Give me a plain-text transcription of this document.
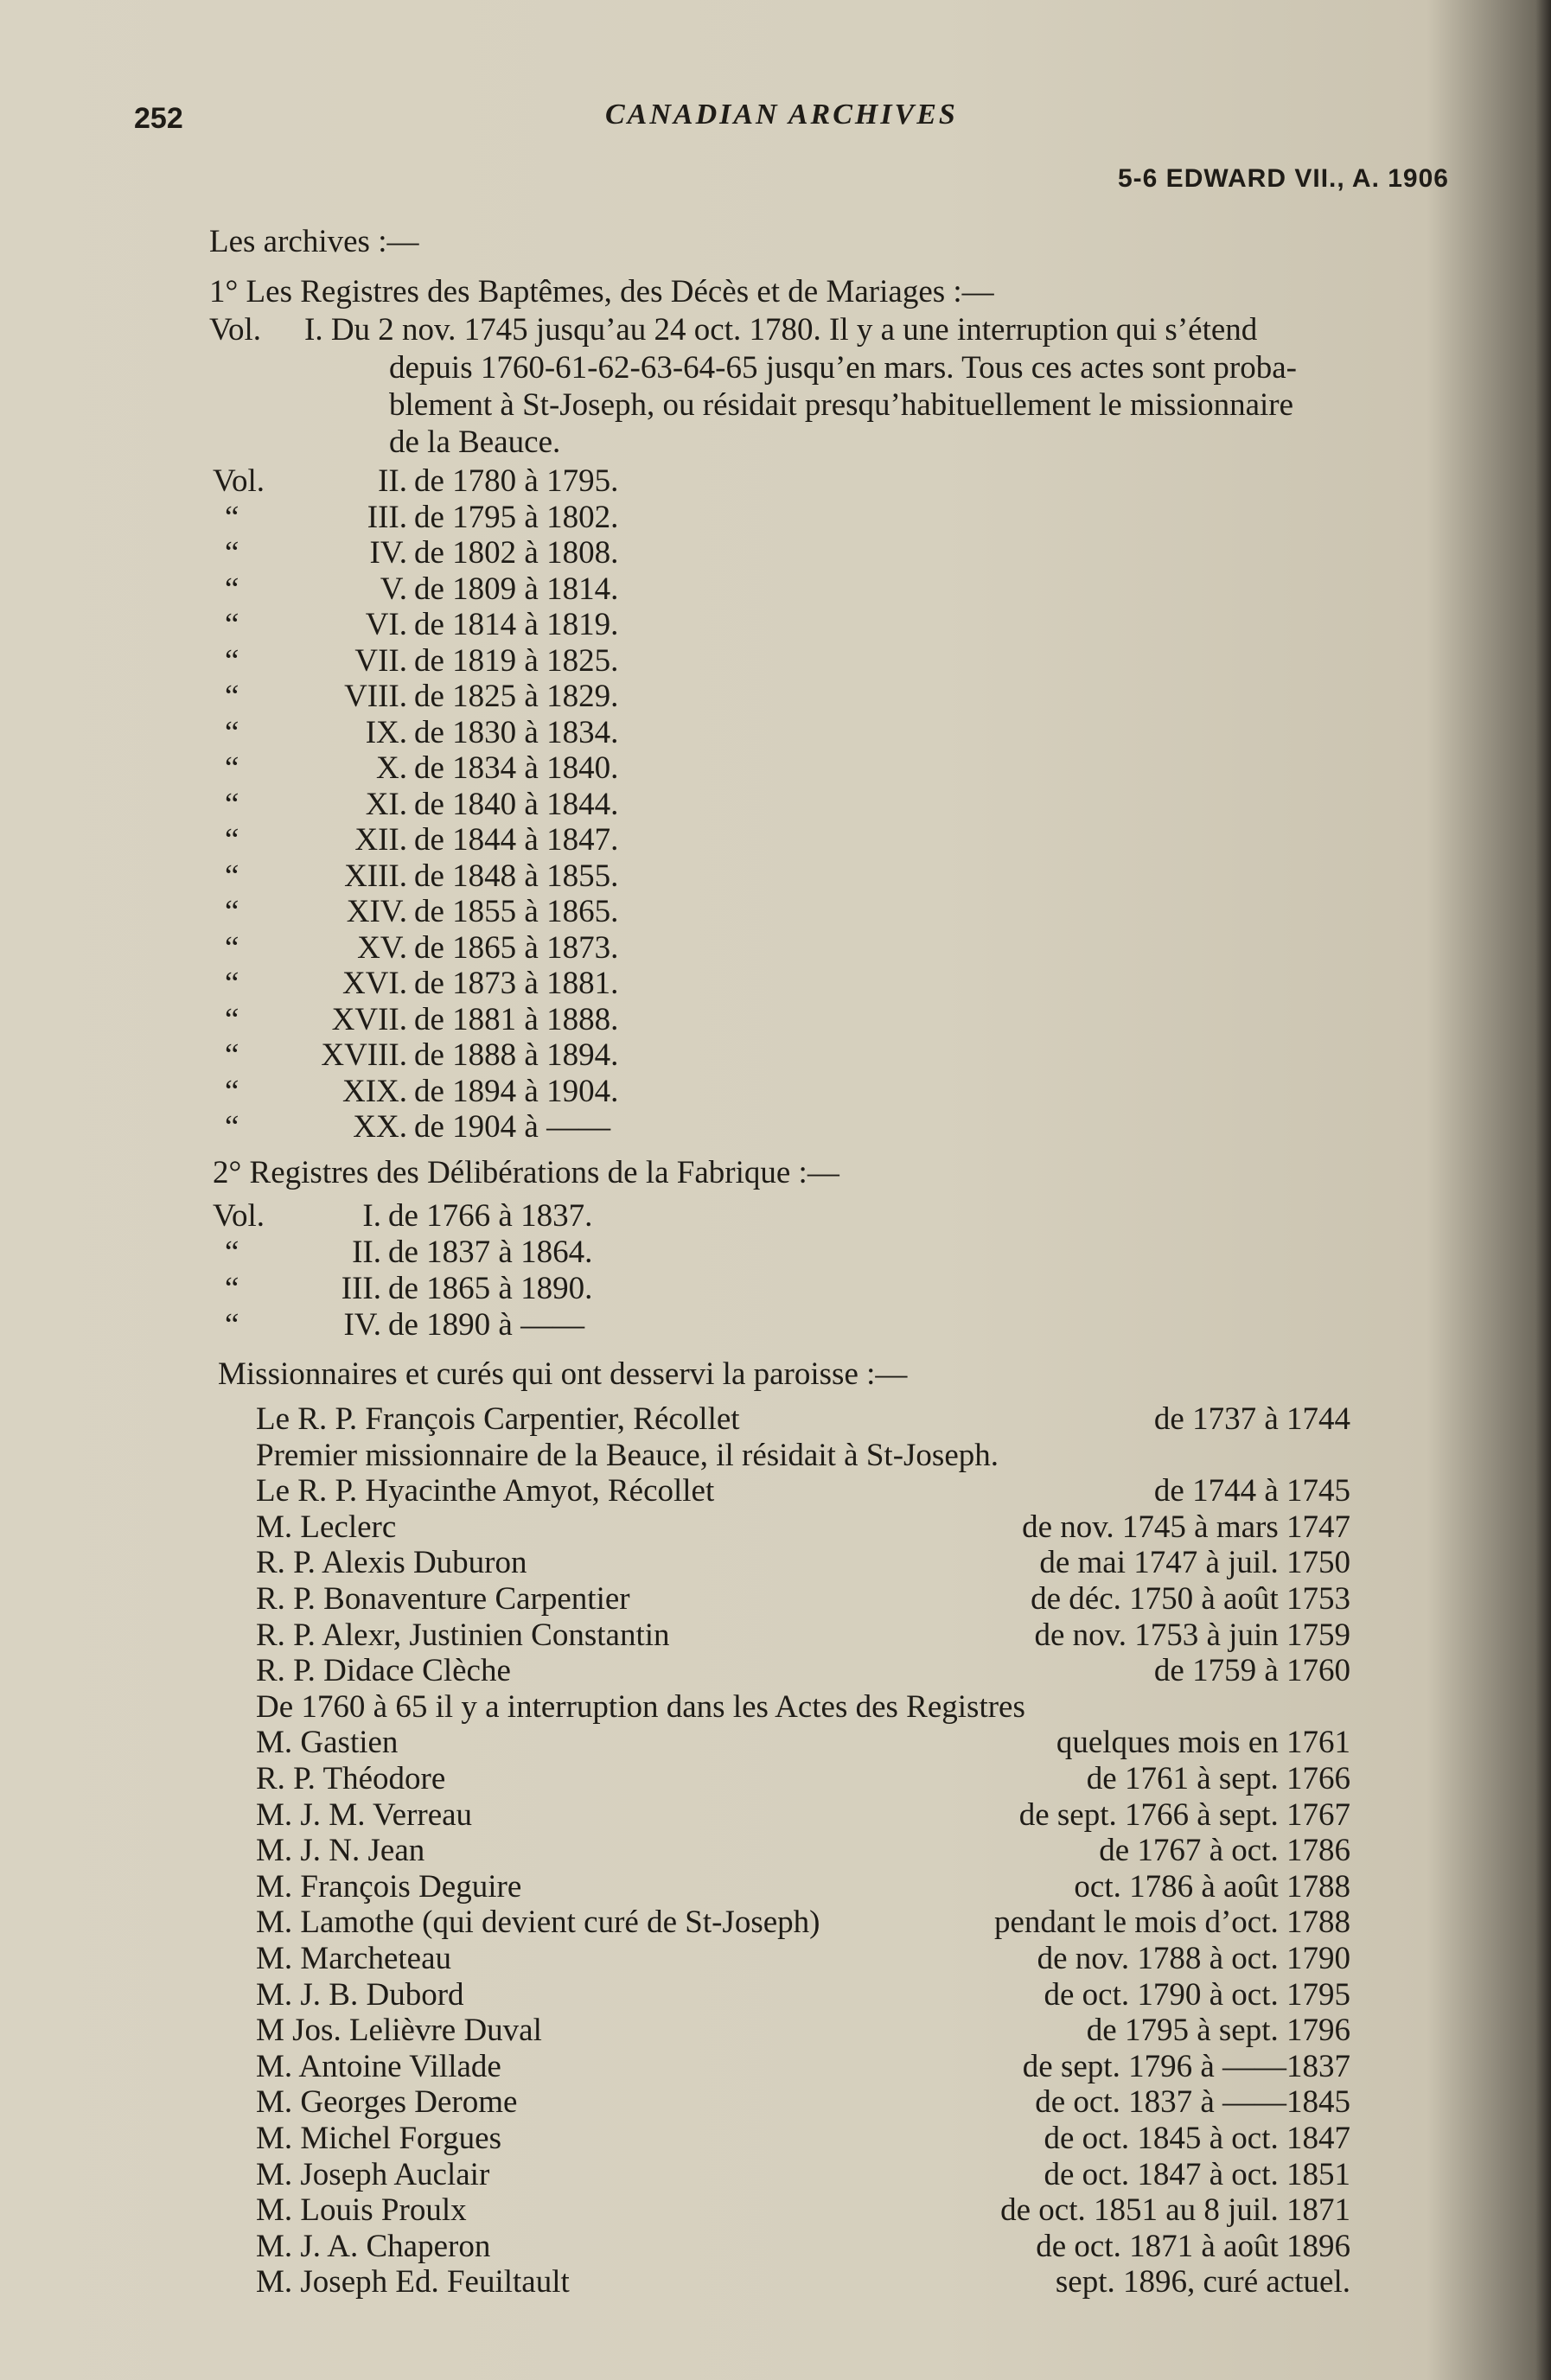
252	CANADIAN ARCHIVES
5-6 EDWARD VII., A. 1906
Les archives :—
1° Les Registres des Baptêmes, des Décès et de Mariages :—
Vol. I. Du 2 nov. 1745 jusqu’au 24 oct. 1780. Il y a une interruption qui s’étend
depuis 1760-61-62-63-64-65 jusqu’en mars. Tous ces actes sont proba-
blement à St-Joseph, ou résidait presqu’habituellement le missionnaire
de la Beauce.
Vol.	II. de 1780 à 1795.
“	III. de 1795 à 1802.
“	IV. de 1802 à 1808.
“	V. de 1809 à 1814.
“	VI. de 1814 à 1819.
“	VII. de 1819 à 1825.
“	VIII. de 1825 à 1829.
“	IX. de 1830 à 1834.
“	X. de 1834 à 1840.
“	XI. de 1840 à 1844.
“	XII. de 1844 à 1847.
“	XIII. de 1848 à 1855.
“	XIV. de 1855 à 1865.
“	XV. de 1865 à 1873.
“	XVI. de 1873 à 1881.
“	XVII. de 1881 à 1888.
“	XVIII. de 1888 à 1894.
“	XIX. de 1894 à 1904.
“	XX. de 1904 à ——
2° Registres des Délibérations de la Fabrique :—
Vol.	I. de 1766 à 1837.
“	II. de 1837 à 1864.
“	III. de 1865 à 1890.
“	IV. de 1890 à ——
Missionnaires et curés qui ont desservi la paroisse :—
Le R. P. François Carpentier, Récollet	de 1737 à 1744
Premier missionnaire de la Beauce, il résidait à St-Joseph.
Le R. P. Hyacinthe Amyot, Récollet	de 1744 à 1745
M. Leclerc	de nov. 1745 à mars 1747
R. P. Alexis Duburon	de mai 1747 à juil. 1750
R. P. Bonaventure Carpentier	de déc. 1750 à août 1753
R. P. Alexr, Justinien Constantin	de nov. 1753 à juin 1759
R. P. Didace Clèche	de 1759 à 1760
De 1760 à 65 il y a interruption dans les Actes des Registres
M. Gastien	quelques mois en 1761
R. P. Théodore	de 1761 à sept. 1766
M. J. M. Verreau	de sept. 1766 à sept. 1767
M. J. N. Jean	de 1767 à oct. 1786
M. François Deguire	oct. 1786 à août 1788
M. Lamothe (qui devient curé de St-Joseph)	pendant le mois d’oct. 1788
M. Marcheteau	de nov. 1788 à oct. 1790
M. J. B. Dubord	de oct. 1790 à oct. 1795
M Jos. Lelièvre Duval	de 1795 à sept. 1796
M. Antoine Villade	de sept. 1796 à ——1837
M. Georges Derome	de oct. 1837 à ——1845
M. Michel Forgues	de oct. 1845 à oct. 1847
M. Joseph Auclair	de oct. 1847 à oct. 1851
M. Louis Proulx	de oct. 1851 au 8 juil. 1871
M. J. A. Chaperon	de oct. 1871 à août 1896
M. Joseph Ed. Feuiltault	sept. 1896, curé actuel.
